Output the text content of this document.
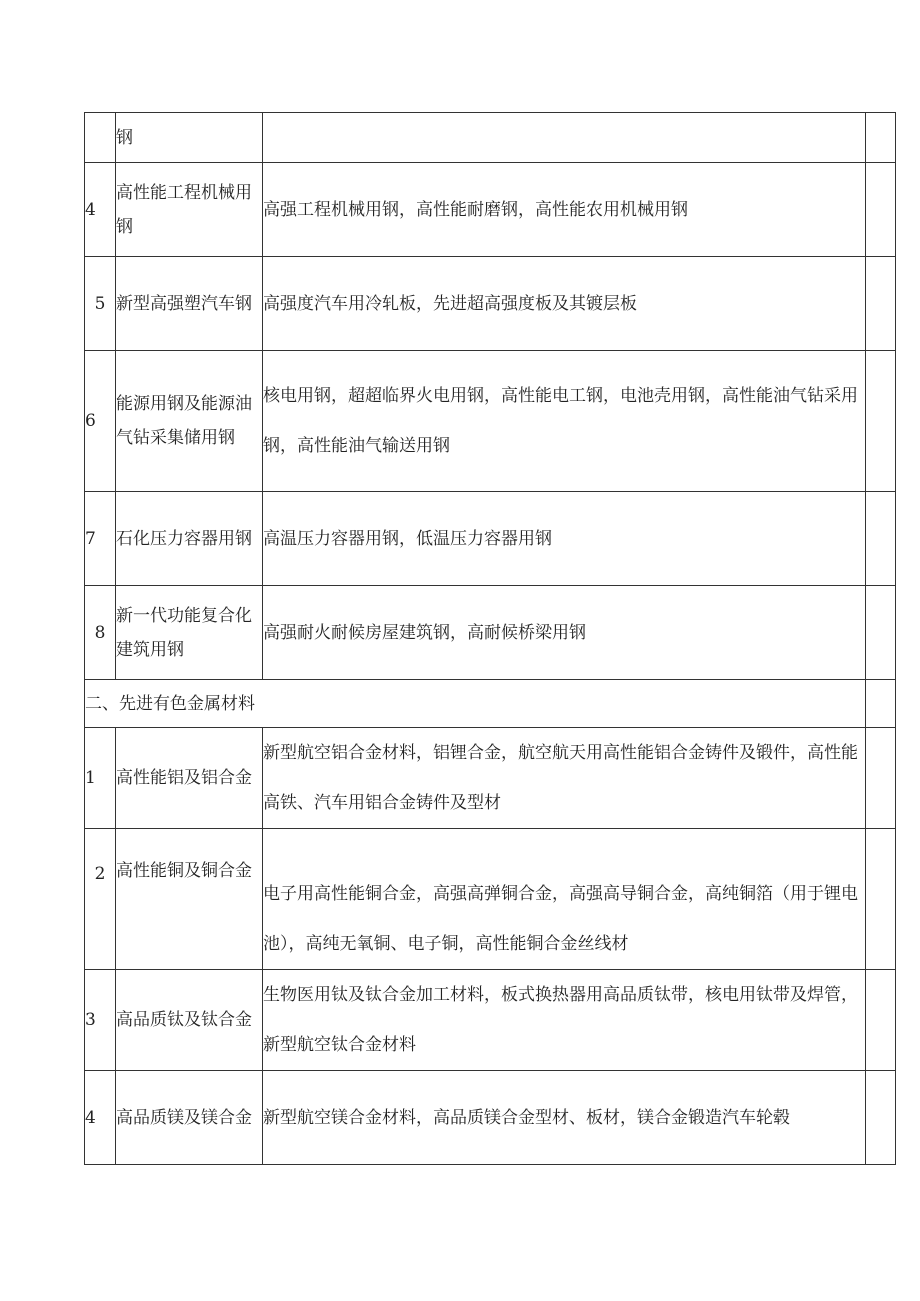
	钢		
4	高性能工程机械用钢	高强工程机械用钢，高性能耐磨钢，高性能农用机械用钢	
5	新型高强塑汽车钢	高强度汽车用冷轧板，先进超高强度板及其镀层板	
6	能源用钢及能源油气钻采集储用钢	核电用钢，超超临界火电用钢，高性能电工钢，电池壳用钢，高性能油气钻采用钢，高性能油气输送用钢	
7	石化压力容器用钢	高温压力容器用钢，低温压力容器用钢	
8	新一代功能复合化建筑用钢	高强耐火耐候房屋建筑钢，高耐候桥梁用钢	
二、先进有色金属材料			
1	高性能铝及铝合金	新型航空铝合金材料，铝锂合金，航空航天用高性能铝合金铸件及锻件，高性能高铁、汽车用铝合金铸件及型材	
2	高性能铜及铜合金	电子用高性能铜合金，高强高弹铜合金，高强高导铜合金，高纯铜箔（用于锂电池），高纯无氧铜、电子铜，高性能铜合金丝线材	
3	高品质钛及钛合金	生物医用钛及钛合金加工材料，板式换热器用高品质钛带，核电用钛带及焊管，新型航空钛合金材料	
4	高品质镁及镁合金	新型航空镁合金材料，高品质镁合金型材、板材，镁合金锻造汽车轮毂	
